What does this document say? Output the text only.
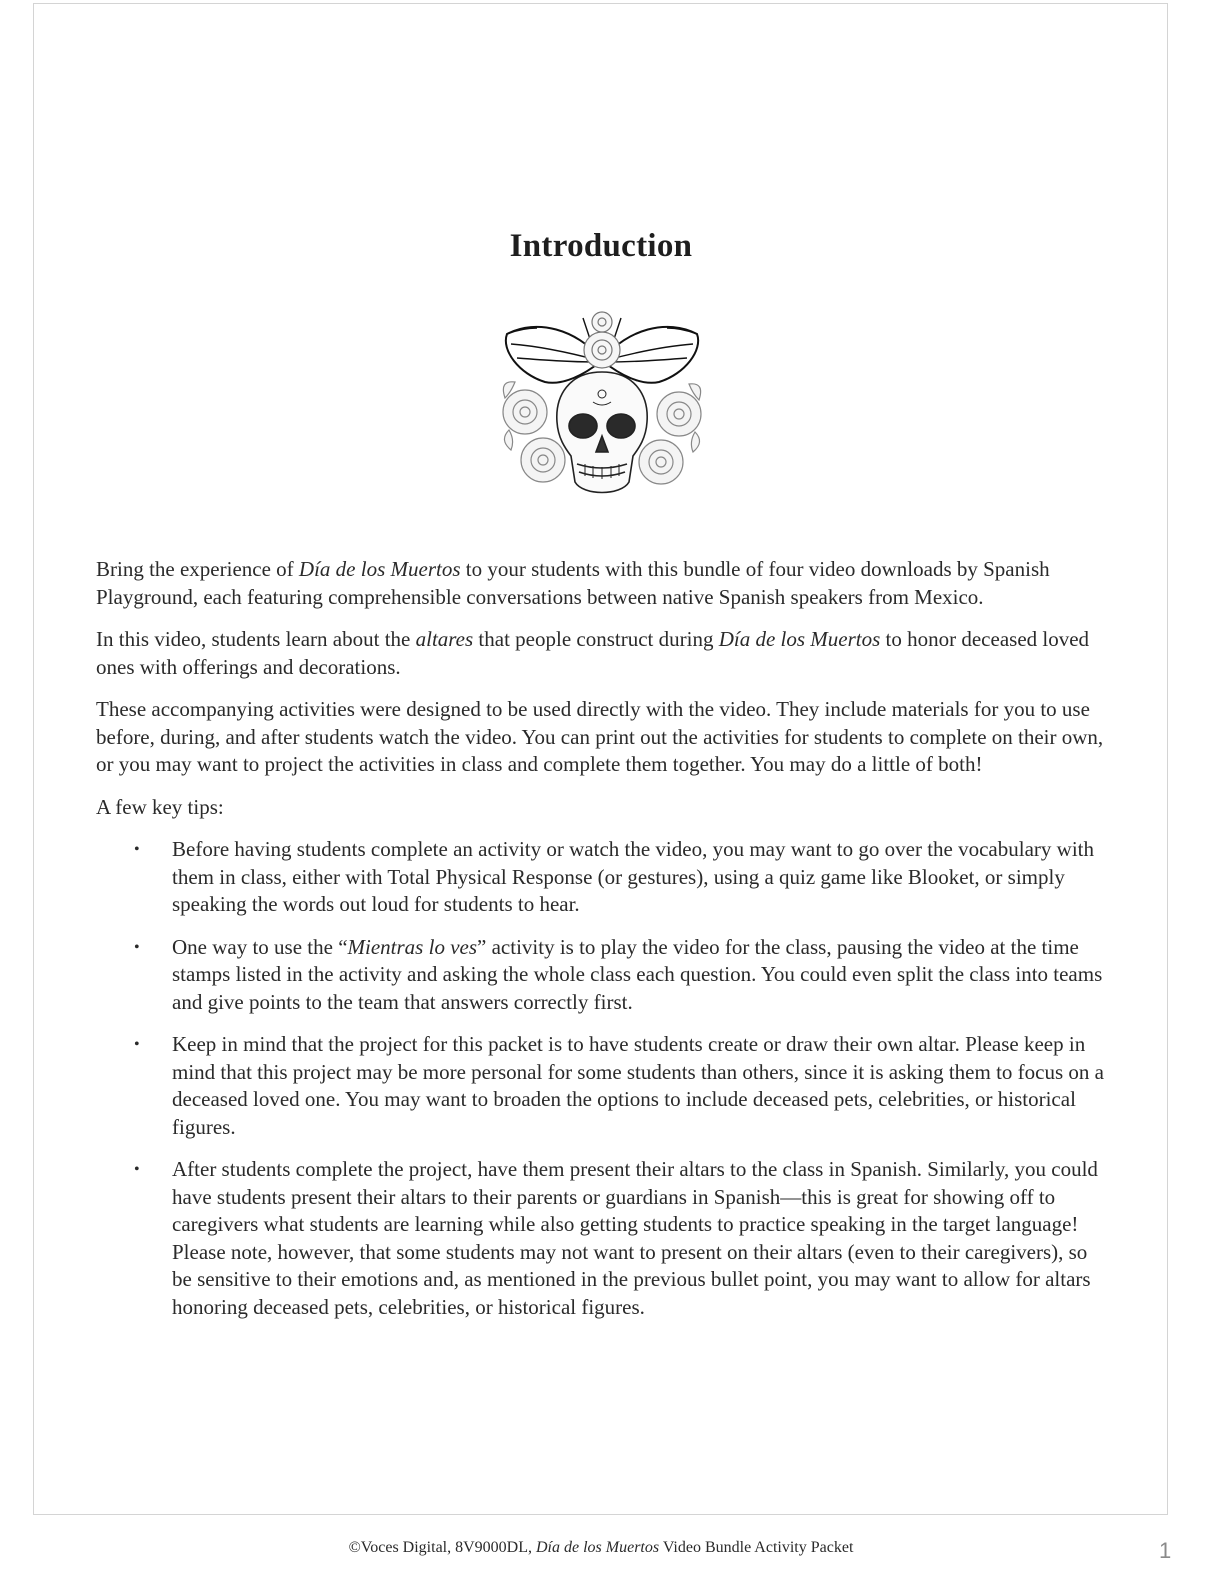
Introduction

Bring the experience of Día de los Muertos to your students with this bundle of four video downloads by Spanish Playground, each featuring comprehensible conversations between native Spanish speakers from Mexico.

In this video, students learn about the altares that people construct during Día de los Muertos to honor deceased loved ones with offerings and decorations.

These accompanying activities were designed to be used directly with the video. They include materials for you to use before, during, and after students watch the video. You can print out the activities for students to complete on their own, or you may want to project the activities in class and complete them together. You may do a little of both!

A few key tips:

• Before having students complete an activity or watch the video, you may want to go over the vocabulary with them in class, either with Total Physical Response (or gestures), using a quiz game like Blooket, or simply speaking the words out loud for students to hear.
• One way to use the “Mientras lo ves” activity is to play the video for the class, pausing the video at the time stamps listed in the activity and asking the whole class each question. You could even split the class into teams and give points to the team that answers correctly first.
• Keep in mind that the project for this packet is to have students create or draw their own altar. Please keep in mind that this project may be more personal for some students than others, since it is asking them to focus on a deceased loved one. You may want to broaden the options to include deceased pets, celebrities, or historical figures.
• After students complete the project, have them present their altars to the class in Spanish. Similarly, you could have students present their altars to their parents or guardians in Spanish—this is great for showing off to caregivers what students are learning while also getting students to practice speaking in the target language! Please note, however, that some students may not want to present on their altars (even to their caregivers), so be sensitive to their emotions and, as mentioned in the previous bullet point, you may want to allow for altars honoring deceased pets, celebrities, or historical figures.
©Voces Digital, 8V9000DL, Día de los Muertos Video Bundle Activity Packet	1
